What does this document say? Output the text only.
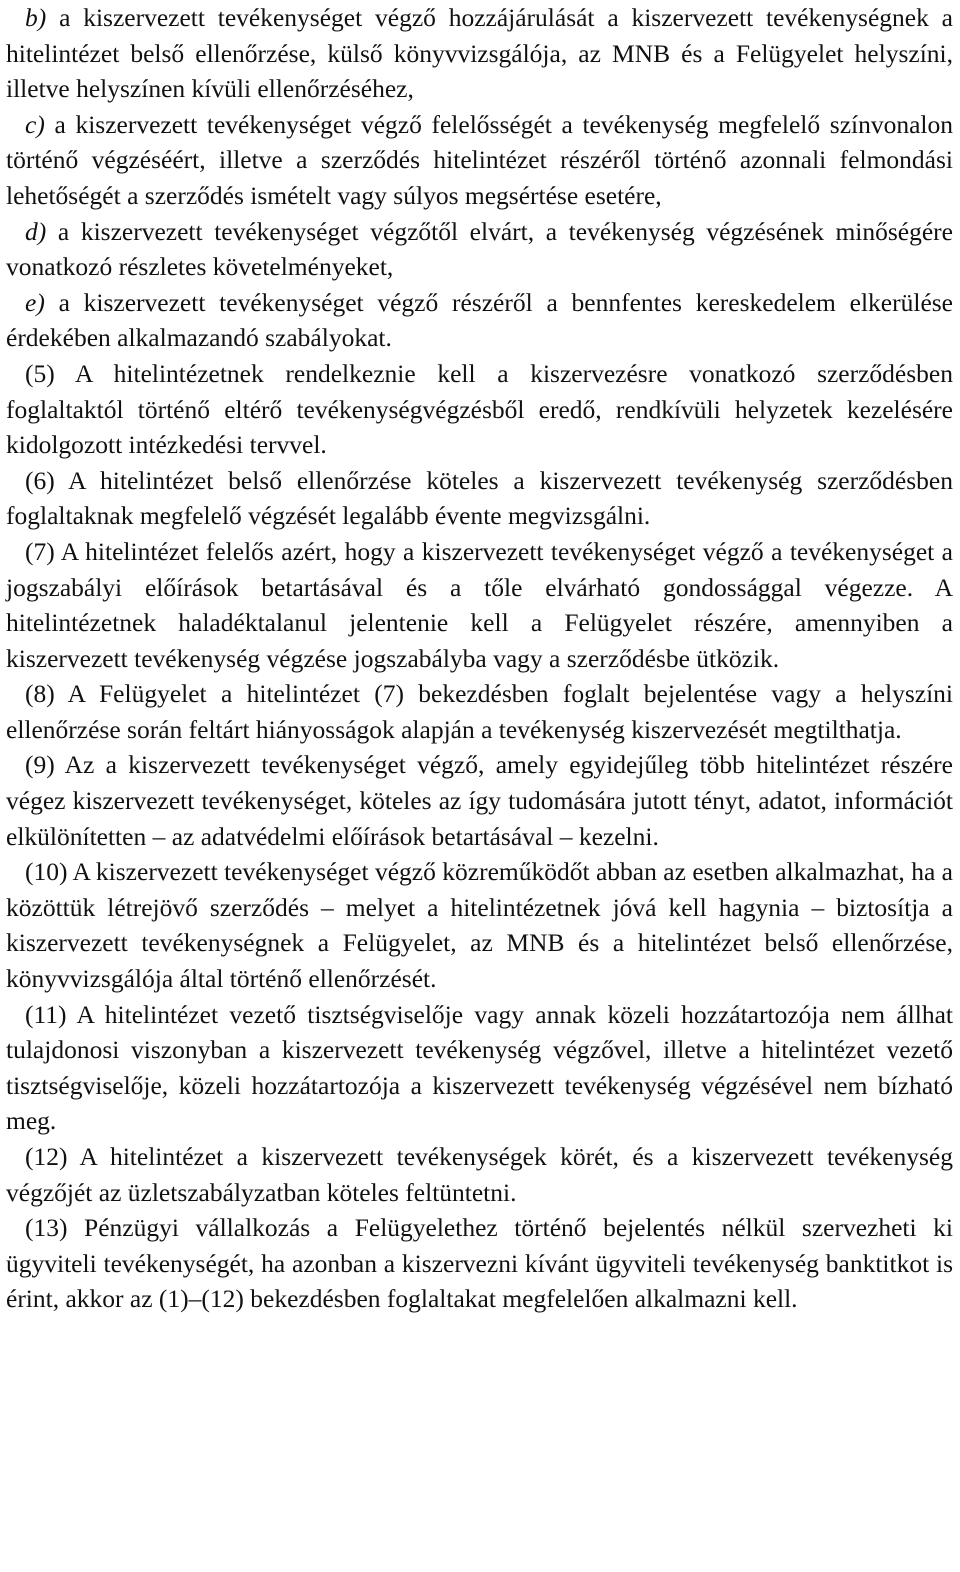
b) a kiszervezett tevékenységet végző hozzájárulását a kiszervezett tevékenységnek a hitelintézet belső ellenőrzése, külső könyvvizsgálója, az MNB és a Felügyelet helyszíni, illetve helyszínen kívüli ellenőrzéséhez,

c) a kiszervezett tevékenységet végző felelősségét a tevékenység megfelelő színvonalon történő végzéséért, illetve a szerződés hitelintézet részéről történő azonnali felmondási lehetőségét a szerződés ismételt vagy súlyos megsértése esetére,

d) a kiszervezett tevékenységet végzőtől elvárt, a tevékenység végzésének minőségére vonatkozó részletes követelményeket,

e) a kiszervezett tevékenységet végző részéről a bennfentes kereskedelem elkerülése érdekében alkalmazandó szabályokat.

(5) A hitelintézetnek rendelkeznie kell a kiszervezésre vonatkozó szerződésben foglaltaktól történő eltérő tevékenységvégzésből eredő, rendkívüli helyzetek kezelésére kidolgozott intézkedési tervvel.

(6) A hitelintézet belső ellenőrzése köteles a kiszervezett tevékenység szerződésben foglaltaknak megfelelő végzését legalább évente megvizsgálni.

(7) A hitelintézet felelős azért, hogy a kiszervezett tevékenységet végző a tevékenységet a jogszabályi előírások betartásával és a tőle elvárható gondossággal végezze. A hitelintézetnek haladéktalanul jelentenie kell a Felügyelet részére, amennyiben a kiszervezett tevékenység végzése jogszabályba vagy a szerződésbe ütközik.

(8) A Felügyelet a hitelintézet (7) bekezdésben foglalt bejelentése vagy a helyszíni ellenőrzése során feltárt hiányosságok alapján a tevékenység kiszervezését megtilthatja.

(9) Az a kiszervezett tevékenységet végző, amely egyidejűleg több hitelintézet részére végez kiszervezett tevékenységet, köteles az így tudomására jutott tényt, adatot, információt elkülönítetten – az adatvédelmi előírások betartásával – kezelni.

(10) A kiszervezett tevékenységet végző közreműködőt abban az esetben alkalmazhat, ha a közöttük létrejövő szerződés – melyet a hitelintézetnek jóvá kell hagynia – biztosítja a kiszervezett tevékenységnek a Felügyelet, az MNB és a hitelintézet belső ellenőrzése, könyvvizsgálója által történő ellenőrzését.

(11) A hitelintézet vezető tisztségviselője vagy annak közeli hozzátartozója nem állhat tulajdonosi viszonyban a kiszervezett tevékenység végzővel, illetve a hitelintézet vezető tisztségviselője, közeli hozzátartozója a kiszervezett tevékenység végzésével nem bízható meg.

(12) A hitelintézet a kiszervezett tevékenységek körét, és a kiszervezett tevékenység végzőjét az üzletszabályzatban köteles feltüntetni.

(13) Pénzügyi vállalkozás a Felügyelethez történő bejelentés nélkül szervezheti ki ügyviteli tevékenységét, ha azonban a kiszervezni kívánt ügyviteli tevékenység banktitkot is érint, akkor az (1)–(12) bekezdésben foglaltakat megfelelően alkalmazni kell.
